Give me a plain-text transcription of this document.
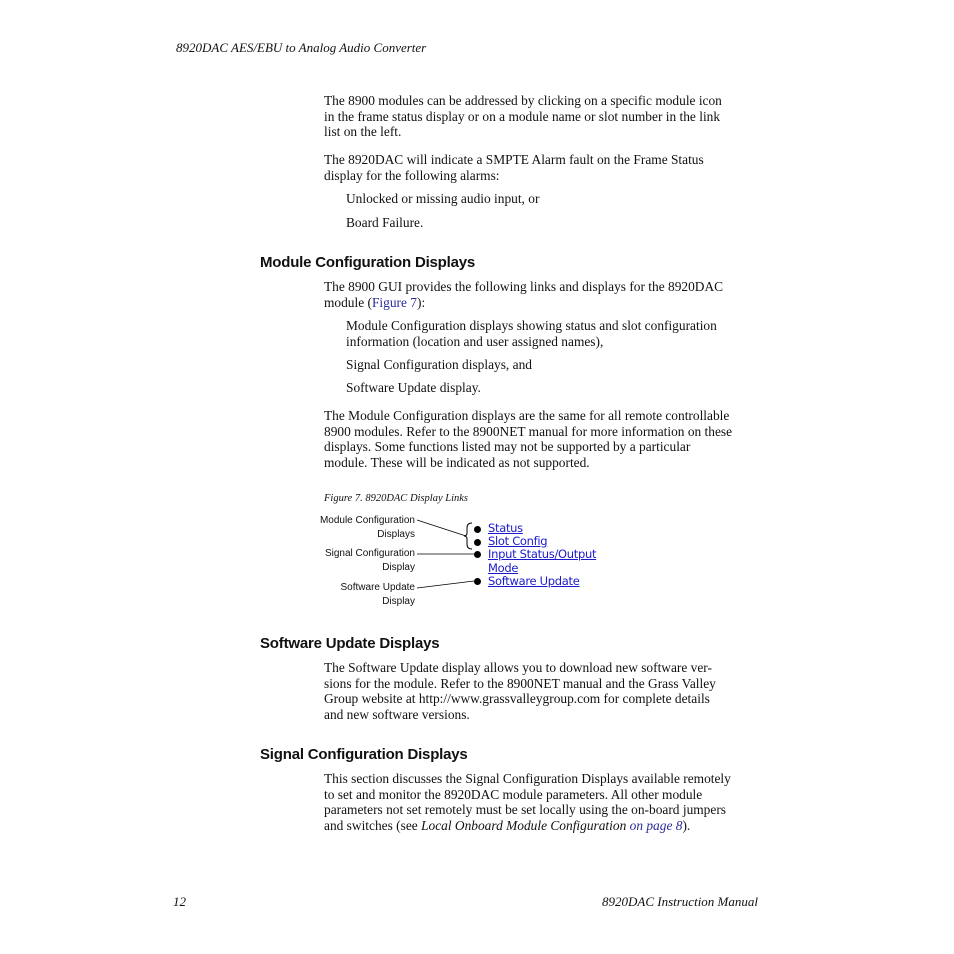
8920DAC AES/EBU to Analog Audio Converter
The 8900 modules can be addressed by clicking on a specific module icon
in the frame status display or on a module name or slot number in the link
list on the left.
The 8920DAC will indicate a SMPTE Alarm fault on the Frame Status
display for the following alarms:
Unlocked or missing audio input, or
Board Failure.
Module Configuration Displays
The 8900 GUI provides the following links and displays for the 8920DAC
module (Figure 7):
Module Configuration displays showing status and slot configuration
information (location and user assigned names),
Signal Configuration displays, and
Software Update display.
The Module Configuration displays are the same for all remote controllable
8900 modules. Refer to the 8900NET manual for more information on these
displays. Some functions listed may not be supported by a particular
module. These will be indicated as not supported.
Figure 7. 8920DAC Display Links
Module Configuration
Displays
Signal Configuration
Display
Software Update
Display
Status
Slot Config
Input Status/Output
Mode
Software Update
Software Update Displays
The Software Update display allows you to download new software ver-
sions for the module. Refer to the 8900NET manual and the Grass Valley
Group website at http://www.grassvalleygroup.com for complete details
and new software versions.
Signal Configuration Displays
This section discusses the Signal Configuration Displays available remotely
to set and monitor the 8920DAC module parameters. All other module
parameters not set remotely must be set locally using the on-board jumpers
and switches (see Local Onboard Module Configuration on page 8).
12	8920DAC Instruction Manual
